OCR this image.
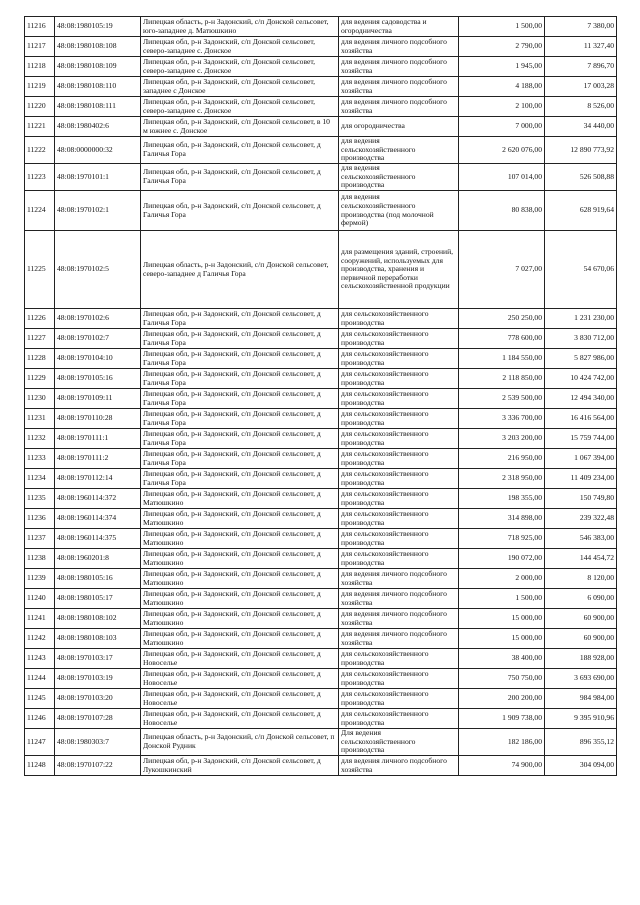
11216	48:08:1980105:19	Липецкая область, р-н Задонский, с/п Донской сельсовет, юго-западнее д. Матюшкино	для ведения садоводства и огородничества	1 500,00	7 380,00
11217	48:08:1980108:108	Липецкая обл, р-н Задонский, с/п Донской сельсовет, северо-западнее с. Донское	для ведения личного подсобного хозяйства	2 790,00	11 327,40
11218	48:08:1980108:109	Липецкая обл, р-н Задонский, с/п Донской сельсовет, северо-западнее с. Донское	для ведения личного подсобного хозяйства	1 945,00	7 896,70
11219	48:08:1980108:110	Липецкая обл, р-н Задонский, с/п Донской сельсовет, западнее с Донское	для ведения личного подсобного хозяйства	4 188,00	17 003,28
11220	48:08:1980108:111	Липецкая обл, р-н Задонский, с/п Донской сельсовет, северо-западнее с. Донское	для ведения личного подсобного хозяйства	2 100,00	8 526,00
11221	48:08:1980402:6	Липецкая обл, р-н Задонский, с/п Донской сельсовет, в 10 м южнее с. Донское	для огородничества	7 000,00	34 440,00
11222	48:08:0000000:32	Липецкая обл, р-н Задонский, с/п Донской сельсовет, д Галичья Гора	для ведения сельскохозяйственного производства	2 620 076,00	12 890 773,92
11223	48:08:1970101:1	Липецкая обл, р-н Задонский, с/п Донской сельсовет, д Галичья Гора	для ведения сельскохозяйственного производства	107 014,00	526 508,88
11224	48:08:1970102:1	Липецкая обл, р-н Задонский, с/п Донской сельсовет, д Галичья Гора	для ведения сельскохозяйственного производства (под молочной фермой)	80 838,00	628 919,64
11225	48:08:1970102:5	Липецкая область, р-н Задонский, с/п Донской сельсовет, северо-западнее д Галичья Гора	для размещения зданий, строений, сооружений, используемых для производства, хранения и первичной переработки сельскохозяйственной продукции	7 027,00	54 670,06
11226	48:08:1970102:6	Липецкая обл, р-н Задонский, с/п Донской сельсовет, д Галичья Гора	для сельскохозяйственного производства	250 250,00	1 231 230,00
11227	48:08:1970102:7	Липецкая обл, р-н Задонский, с/п Донской сельсовет, д Галичья Гора	для сельскохозяйственного производства	778 600,00	3 830 712,00
11228	48:08:1970104:10	Липецкая обл, р-н Задонский, с/п Донской сельсовет, д Галичья Гора	для сельскохозяйственного производства	1 184 550,00	5 827 986,00
11229	48:08:1970105:16	Липецкая обл, р-н Задонский, с/п Донской сельсовет, д Галичья Гора	для сельскохозяйственного производства	2 118 850,00	10 424 742,00
11230	48:08:1970109:11	Липецкая обл, р-н Задонский, с/п Донской сельсовет, д Галичья Гора	для сельскохозяйственного производства	2 539 500,00	12 494 340,00
11231	48:08:1970110:28	Липецкая обл, р-н Задонский, с/п Донской сельсовет, д Галичья Гора	для сельскохозяйственного производства	3 336 700,00	16 416 564,00
11232	48:08:1970111:1	Липецкая обл, р-н Задонский, с/п Донской сельсовет, д Галичья Гора	для сельскохозяйственного производства	3 203 200,00	15 759 744,00
11233	48:08:1970111:2	Липецкая обл, р-н Задонский, с/п Донской сельсовет, д Галичья Гора	для сельскохозяйственного производства	216 950,00	1 067 394,00
11234	48:08:1970112:14	Липецкая обл, р-н Задонский, с/п Донской сельсовет, д Галичья Гора	для сельскохозяйственного производства	2 318 950,00	11 409 234,00
11235	48:08:1960114:372	Липецкая обл, р-н Задонский, с/п Донской сельсовет, д Матюшкино	для сельскохозяйственного производства	198 355,00	150 749,80
11236	48:08:1960114:374	Липецкая обл, р-н Задонский, с/п Донской сельсовет, д Матюшкино	для сельскохозяйственного производства	314 898,00	239 322,48
11237	48:08:1960114:375	Липецкая обл, р-н Задонский, с/п Донской сельсовет, д Матюшкино	для сельскохозяйственного производства	718 925,00	546 383,00
11238	48:08:1960201:8	Липецкая обл, р-н Задонский, с/п Донской сельсовет, д Матюшкино	для сельскохозяйственного производства	190 072,00	144 454,72
11239	48:08:1980105:16	Липецкая обл, р-н Задонский, с/п Донской сельсовет, д Матюшкино	для ведения личного подсобного хозяйства	2 000,00	8 120,00
11240	48:08:1980105:17	Липецкая обл, р-н Задонский, с/п Донской сельсовет, д Матюшкино	для ведения личного подсобного хозяйства	1 500,00	6 090,00
11241	48:08:1980108:102	Липецкая обл, р-н Задонский, с/п Донской сельсовет, д Матюшкино	для ведения личного подсобного хозяйства	15 000,00	60 900,00
11242	48:08:1980108:103	Липецкая обл, р-н Задонский, с/п Донской сельсовет, д Матюшкино	для ведения личного подсобного хозяйства	15 000,00	60 900,00
11243	48:08:1970103:17	Липецкая обл, р-н Задонский, с/п Донской сельсовет, д Новоселье	для сельскохозяйственного производства	38 400,00	188 928,00
11244	48:08:1970103:19	Липецкая обл, р-н Задонский, с/п Донской сельсовет, д Новоселье	для сельскохозяйственного производства	750 750,00	3 693 690,00
11245	48:08:1970103:20	Липецкая обл, р-н Задонский, с/п Донской сельсовет, д Новоселье	для сельскохозяйственного производства	200 200,00	984 984,00
11246	48:08:1970107:28	Липецкая обл, р-н Задонский, с/п Донской сельсовет, д Новоселье	для сельскохозяйственного производства	1 909 738,00	9 395 910,96
11247	48:08:1980303:7	Липецкая область, р-н Задонский, с/п Донской сельсовет, п Донской Рудник	Для ведения сельскохозяйственного производства	182 186,00	896 355,12
11248	48:08:1970107:22	Липецкая обл, р-н Задонский, с/п Донской сельсовет, д Лукошкинский	для ведения личного подсобного хозяйства	74 900,00	304 094,00
